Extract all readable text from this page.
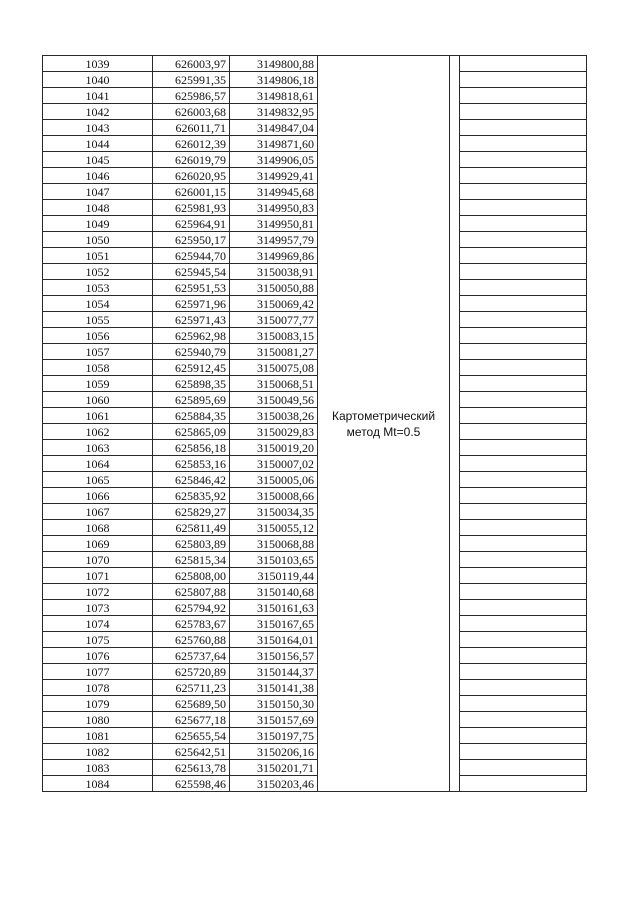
1039	626003,97	3149800,88	Картометрический
метод Mt=0.5		

1040	625991,35	3149806,18			
1041	625986,57	3149818,61			
1042	626003,68	3149832,95			
1043	626011,71	3149847,04			
1044	626012,39	3149871,60			
1045	626019,79	3149906,05			
1046	626020,95	3149929,41			
1047	626001,15	3149945,68			
1048	625981,93	3149950,83			
1049	625964,91	3149950,81			
1050	625950,17	3149957,79			
1051	625944,70	3149969,86			
1052	625945,54	3150038,91			
1053	625951,53	3150050,88			
1054	625971,96	3150069,42			
1055	625971,43	3150077,77			
1056	625962,98	3150083,15			
1057	625940,79	3150081,27			
1058	625912,45	3150075,08			
1059	625898,35	3150068,51			
1060	625895,69	3150049,56			
1061	625884,35	3150038,26			
1062	625865,09	3150029,83			
1063	625856,18	3150019,20			
1064	625853,16	3150007,02			
1065	625846,42	3150005,06			
1066	625835,92	3150008,66			
1067	625829,27	3150034,35			
1068	625811,49	3150055,12			
1069	625803,89	3150068,88			
1070	625815,34	3150103,65			
1071	625808,00	3150119,44			
1072	625807,88	3150140,68			
1073	625794,92	3150161,63			
1074	625783,67	3150167,65			
1075	625760,88	3150164,01			
1076	625737,64	3150156,57			
1077	625720,89	3150144,37			
1078	625711,23	3150141,38			
1079	625689,50	3150150,30			
1080	625677,18	3150157,69			
1081	625655,54	3150197,75			
1082	625642,51	3150206,16			
1083	625613,78	3150201,71			
1084	625598,46	3150203,46			
